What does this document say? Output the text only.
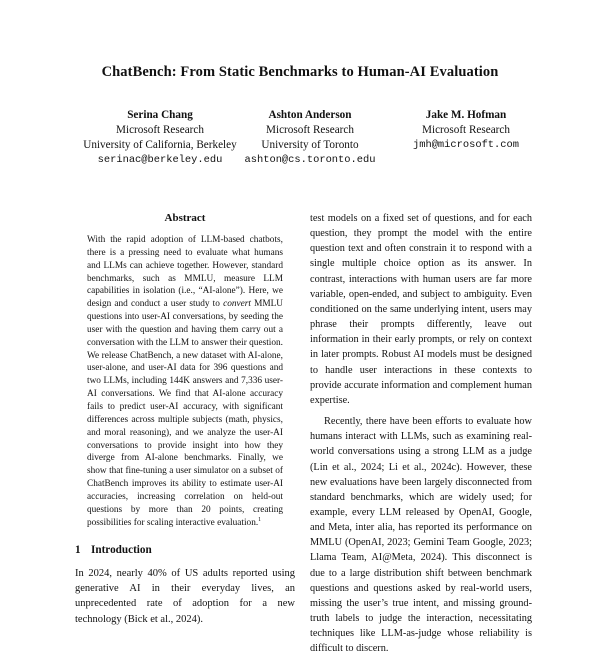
ChatBench: From Static Benchmarks to Human-AI Evaluation
Serina Chang
Microsoft Research
University of California, Berkeley
serinac@berkeley.edu
Ashton Anderson
Microsoft Research
University of Toronto
ashton@cs.toronto.edu
Jake M. Hofman
Microsoft Research
jmh@microsoft.com
Abstract

With the rapid adoption of LLM-based chatbots, there is a pressing need to evaluate what humans and LLMs can achieve together. However, standard benchmarks, such as MMLU, measure LLM capabilities in isolation (i.e., “AI-alone”). Here, we design and conduct a user study to convert MMLU questions into user-AI conversations, by seeding the user with the question and having them carry out a conversation with the LLM to answer their question. We release ChatBench, a new dataset with AI-alone, user-alone, and user-AI data for 396 questions and two LLMs, including 144K answers and 7,336 user-AI conversations. We find that AI-alone accuracy fails to predict user-AI accuracy, with significant differences across multiple subjects (math, physics, and moral reasoning), and we analyze the user-AI conversations to provide insight into how they diverge from AI-alone benchmarks. Finally, we show that fine-tuning a user simulator on a subset of ChatBench improves its ability to estimate user-AI accuracies, increasing correlation on held-out questions by more than 20 points, creating possibilities for scaling interactive evaluation.$^1$

1 Introduction

In 2024, nearly 40% of US adults reported using generative AI in their everyday lives, an unprecedented rate of adoption for a new technology (Bick et al., 2024).

test models on a fixed set of questions, and for each question, they prompt the model with the entire question text and often constrain it to respond with a single multiple choice option as its answer. In contrast, interactions with human users are far more variable, open-ended, and subject to ambiguity. Even conditioned on the same underlying intent, users may phrase their prompts differently, leave out information in their early prompts, or rely on context in later prompts. Robust AI models must be designed to handle user interactions in these contexts to provide accurate information and complement human expertise.

Recently, there have been efforts to evaluate how humans interact with LLMs, such as examining real-world conversations using a strong LLM as a judge (Lin et al., 2024; Li et al., 2024c). However, these new evaluations have been largely disconnected from standard benchmarks, which are widely used; for example, every LLM released by OpenAI, Google, and Meta, inter alia, has reported its performance on MMLU (OpenAI, 2023; Gemini Team Google, 2023; Llama Team, AI@Meta, 2024). This disconnect is due to a large distribution shift between benchmark questions and questions asked by real-world users, missing the user’s true intent, and missing ground-truth labels to judge the interaction, necessitating techniques like LLM-as-judge whose reliability is difficult to discern.
